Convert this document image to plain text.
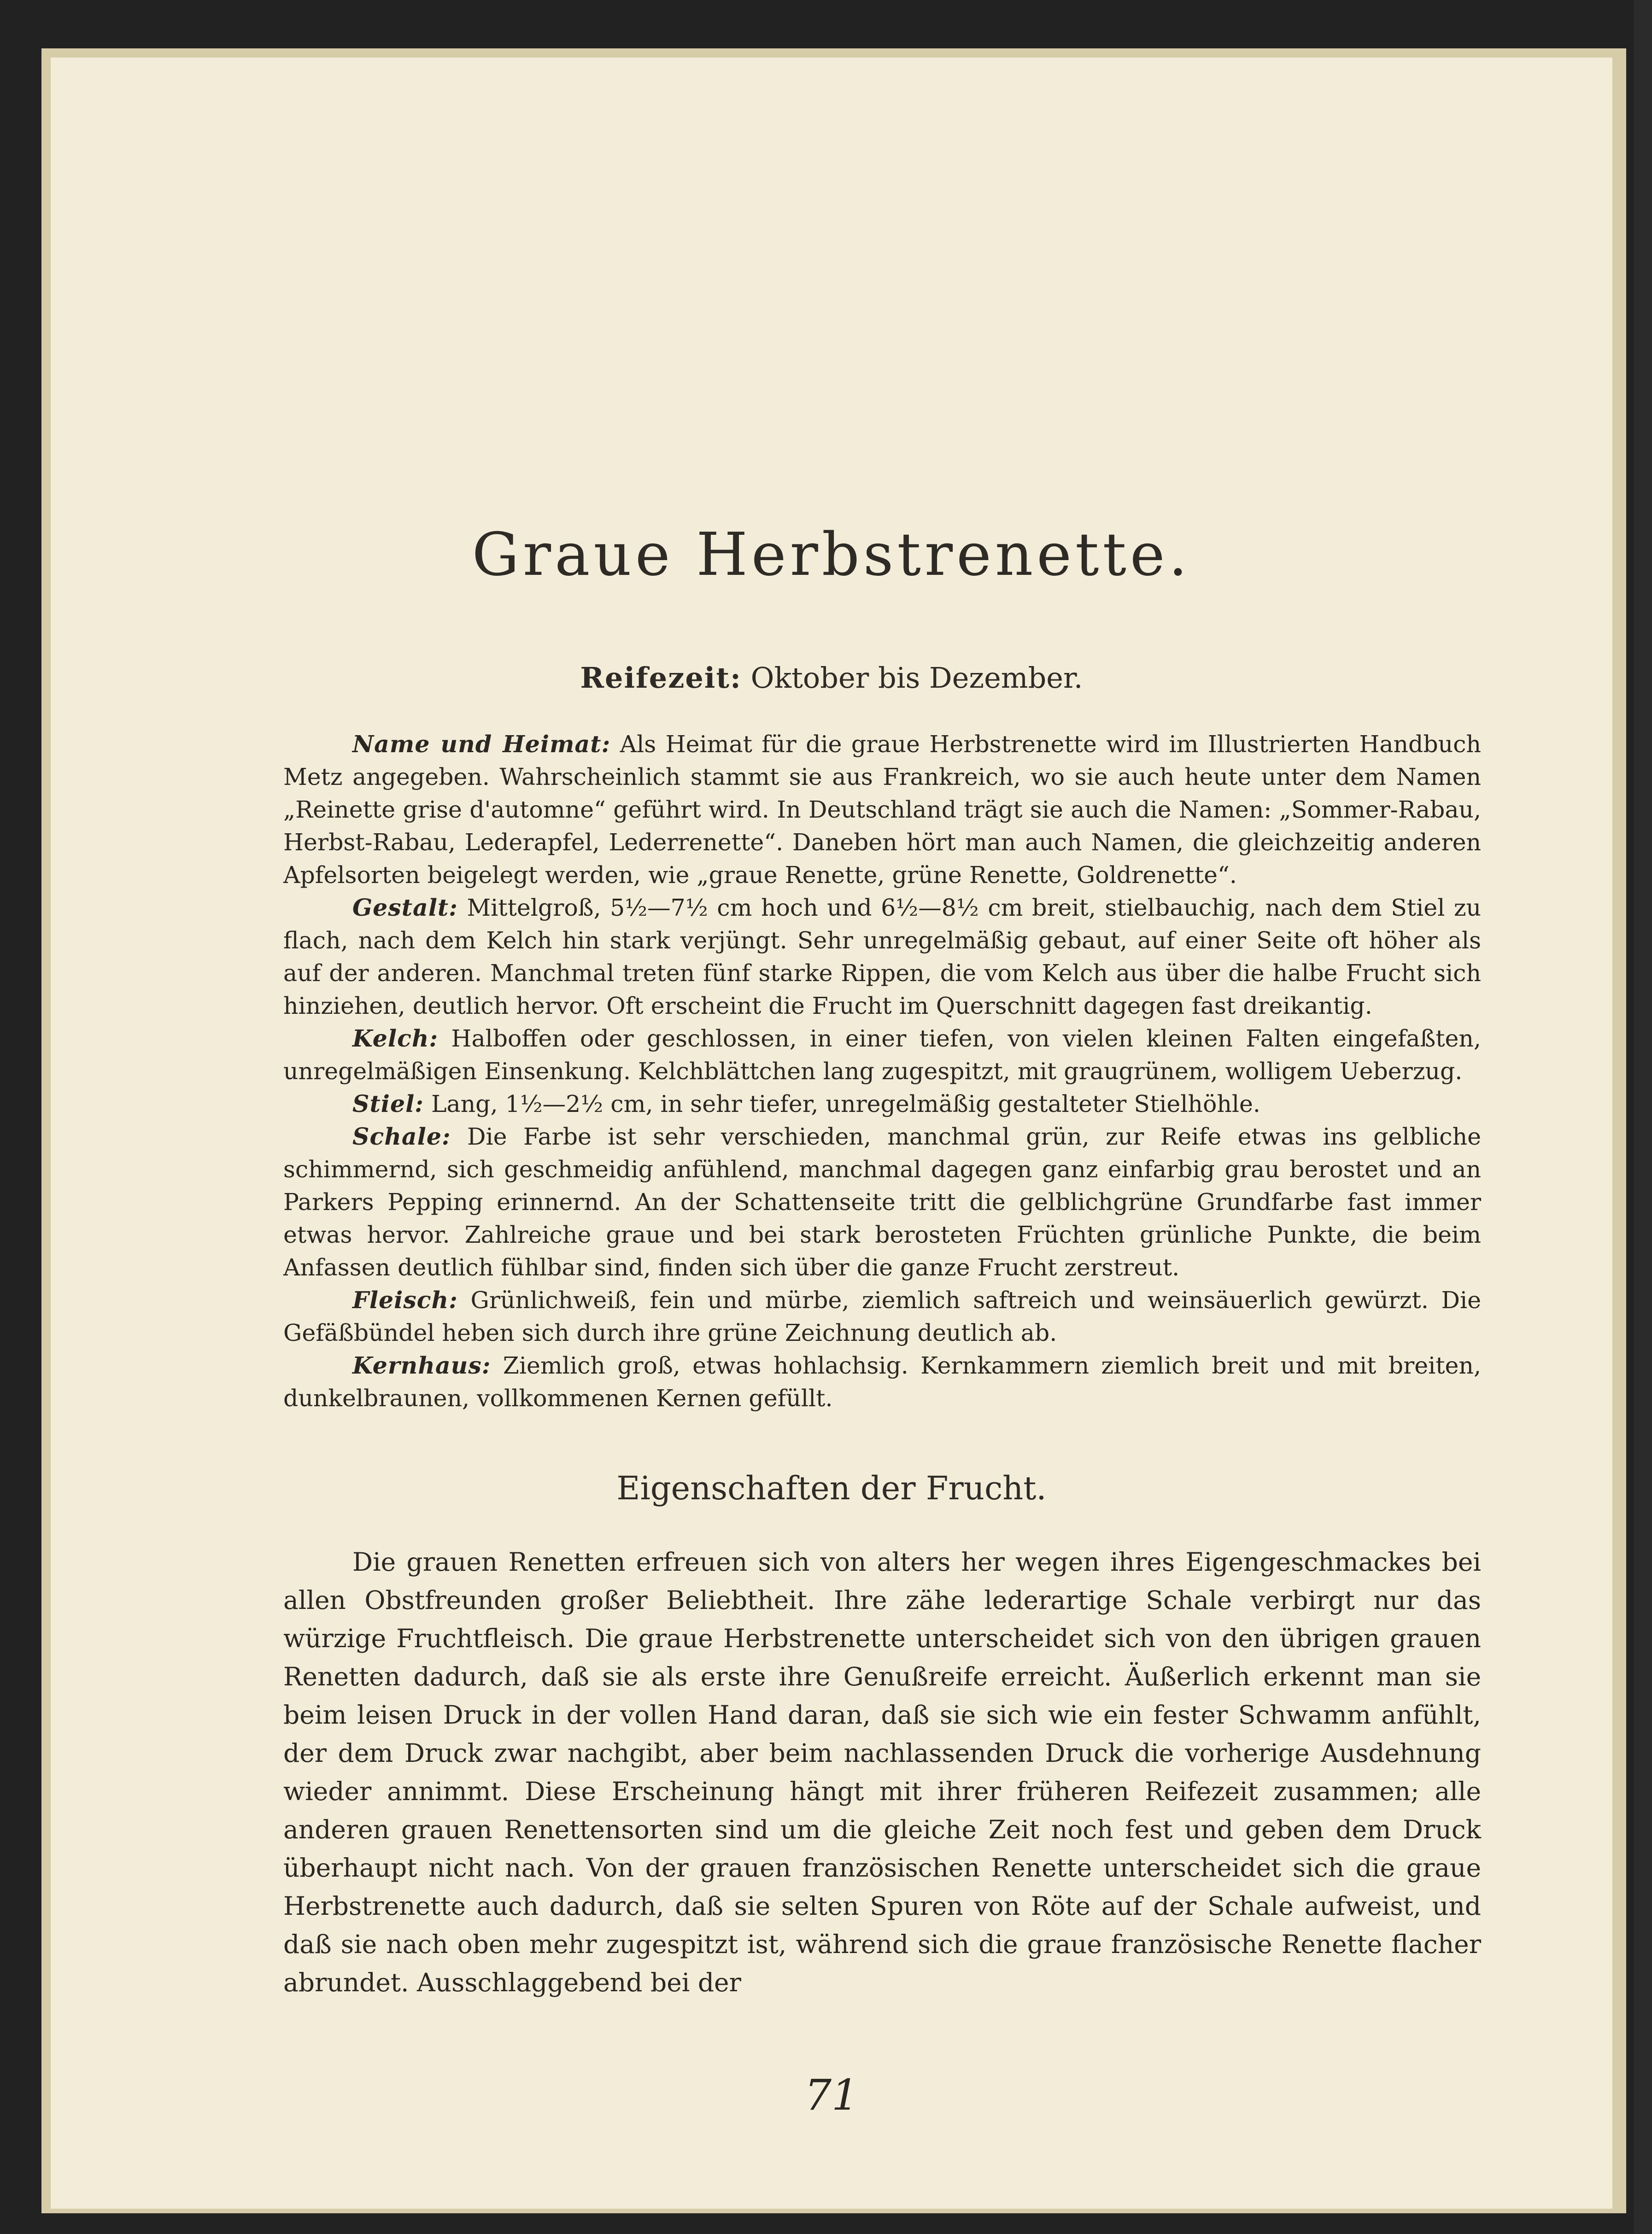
Graue Herbstrenette.
Reifezeit: Oktober bis Dezember.

Name und Heimat: Als Heimat für die graue Herbstrenette wird im Illustrierten Handbuch Metz angegeben. Wahrscheinlich stammt sie aus Frankreich, wo sie auch heute unter dem Namen „Reinette grise d'automne“ geführt wird. In Deutschland trägt sie auch die Namen: „Sommer-Rabau, Herbst-Rabau, Lederapfel, Lederrenette“. Daneben hört man auch Namen, die gleichzeitig anderen Apfelsorten beigelegt werden, wie „graue Renette, grüne Renette, Goldrenette“.

Gestalt: Mittelgroß, 5½—7½ cm hoch und 6½—8½ cm breit, stielbauchig, nach dem Stiel zu flach, nach dem Kelch hin stark verjüngt. Sehr unregelmäßig gebaut, auf einer Seite oft höher als auf der anderen. Manchmal treten fünf starke Rippen, die vom Kelch aus über die halbe Frucht sich hinziehen, deutlich hervor. Oft erscheint die Frucht im Querschnitt dagegen fast dreikantig.

Kelch: Halboffen oder geschlossen, in einer tiefen, von vielen kleinen Falten eingefaßten, unregelmäßigen Einsenkung. Kelchblättchen lang zugespitzt, mit graugrünem, wolligem Ueberzug.

Stiel: Lang, 1½—2½ cm, in sehr tiefer, unregelmäßig gestalteter Stielhöhle.

Schale: Die Farbe ist sehr verschieden, manchmal grün, zur Reife etwas ins gelbliche schimmernd, sich geschmeidig anfühlend, manchmal dagegen ganz einfarbig grau berostet und an Parkers Pepping erinnernd. An der Schattenseite tritt die gelblichgrüne Grundfarbe fast immer etwas hervor. Zahlreiche graue und bei stark berosteten Früchten grünliche Punkte, die beim Anfassen deutlich fühlbar sind, finden sich über die ganze Frucht zerstreut.

Fleisch: Grünlichweiß, fein und mürbe, ziemlich saftreich und weinsäuerlich gewürzt. Die Gefäßbündel heben sich durch ihre grüne Zeichnung deutlich ab.

Kernhaus: Ziemlich groß, etwas hohlachsig. Kernkammern ziemlich breit und mit breiten, dunkelbraunen, vollkommenen Kernen gefüllt.

Eigenschaften der Frucht.

Die grauen Renetten erfreuen sich von alters her wegen ihres Eigengeschmackes bei allen Obstfreunden großer Beliebtheit. Ihre zähe lederartige Schale verbirgt nur das würzige Fruchtfleisch. Die graue Herbstrenette unterscheidet sich von den übrigen grauen Renetten dadurch, daß sie als erste ihre Genußreife erreicht. Äußerlich erkennt man sie beim leisen Druck in der vollen Hand daran, daß sie sich wie ein fester Schwamm anfühlt, der dem Druck zwar nachgibt, aber beim nachlassenden Druck die vorherige Ausdehnung wieder annimmt. Diese Erscheinung hängt mit ihrer früheren Reifezeit zusammen; alle anderen grauen Renettensorten sind um die gleiche Zeit noch fest und geben dem Druck überhaupt nicht nach. Von der grauen französischen Renette unterscheidet sich die graue Herbstrenette auch dadurch, daß sie selten Spuren von Röte auf der Schale aufweist, und daß sie nach oben mehr zugespitzt ist, während sich die graue französische Renette flacher abrundet. Ausschlaggebend bei der

71
